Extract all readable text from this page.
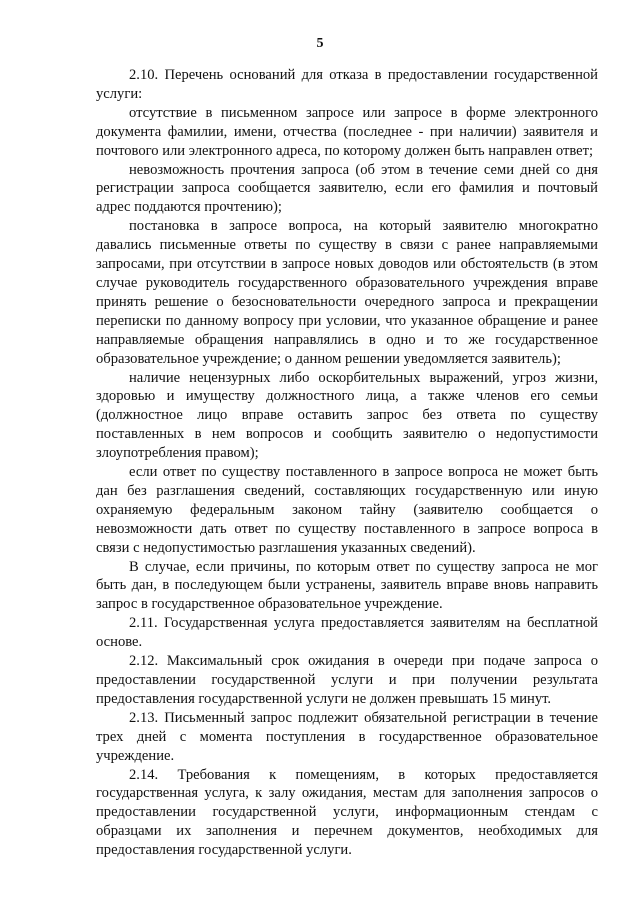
5

2.10. Перечень оснований для отказа в предоставлении государственной услуги:

отсутствие в письменном запросе или запросе в форме электронного документа фамилии, имени, отчества (последнее - при наличии) заявителя и почтового или электронного адреса, по которому должен быть направлен ответ;

невозможность прочтения запроса (об этом в течение семи дней со дня регистрации запроса сообщается заявителю, если его фамилия и почтовый адрес поддаются прочтению);

постановка в запросе вопроса, на который заявителю многократно давались письменные ответы по существу в связи с ранее направляемыми запросами, при отсутствии в запросе новых доводов или обстоятельств (в этом случае руководитель государственного образовательного учреждения вправе принять решение о безосновательности очередного запроса и прекращении переписки по данному вопросу при условии, что указанное обращение и ранее направляемые обращения направлялись в одно и то же государственное образовательное учреждение; о данном решении уведомляется заявитель);

наличие нецензурных либо оскорбительных выражений, угроз жизни, здоровью и имуществу должностного лица, а также членов его семьи (должностное лицо вправе оставить запрос без ответа по существу поставленных в нем вопросов и сообщить заявителю о недопустимости злоупотребления правом);

если ответ по существу поставленного в запросе вопроса не может быть дан без разглашения сведений, составляющих государственную или иную охраняемую федеральным законом тайну (заявителю сообщается о невозможности дать ответ по существу поставленного в запросе вопроса в связи с недопустимостью разглашения указанных сведений).

В случае, если причины, по которым ответ по существу запроса не мог быть дан, в последующем были устранены, заявитель вправе вновь направить запрос в государственное образовательное учреждение.

2.11. Государственная услуга предоставляется заявителям на бесплатной основе.

2.12. Максимальный срок ожидания в очереди при подаче запроса о предоставлении государственной услуги и при получении результата предоставления государственной услуги не должен превышать 15 минут.

2.13. Письменный запрос подлежит обязательной регистрации в течение трех дней с момента поступления в государственное образовательное учреждение.

2.14. Требования к помещениям, в которых предоставляется государственная услуга, к залу ожидания, местам для заполнения запросов о предоставлении государственной услуги, информационным стендам с образцами их заполнения и перечнем документов, необходимых для предоставления государственной услуги.
